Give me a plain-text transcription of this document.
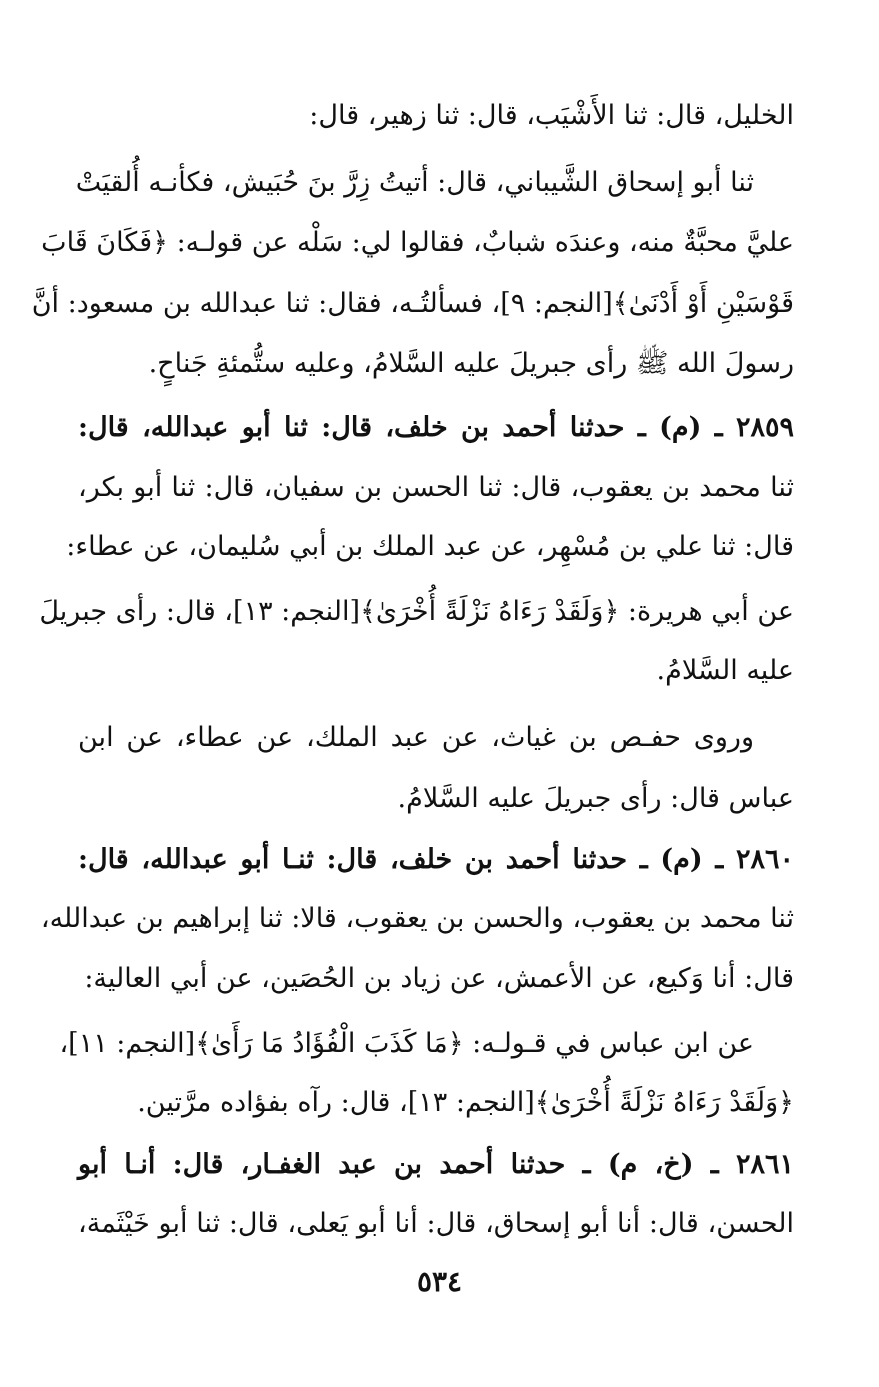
الخليل، قال: ثنا الأَشْيَب، قال: ثنا زهير، قال:
ثنا أبو إسحاق الشَّيباني، قال: أتيتُ زِرَّ بنَ حُبَيش، فكأنـه أُلقيَتْ
عليَّ محبَّةٌ منه، وعندَه شبابٌ، فقالوا لي: سَلْه عن قولـه: ﴿فَكَانَ قَابَ
قَوْسَيْنِ أَوْ أَدْنَىٰ﴾[النجم: ٩]، فسألتُـه، فقال: ثنا عبدالله بن مسعود: أنَّ
رسولَ الله ﷺ رأى جبريلَ عليه السَّلامُ، وعليه ستُّمئةِ جَناحٍ.
٢٨٥٩ ـ (م) ـ حدثنا أحمد بن خلف، قال: ثنا أبو عبدالله، قال:
ثنا محمد بن يعقوب، قال: ثنا الحسن بن سفيان، قال: ثنا أبو بكر،
قال: ثنا علي بن مُسْهِر، عن عبد الملك بن أبي سُليمان، عن عطاء:
عن أبي هريرة: ﴿وَلَقَدْ رَءَاهُ نَزْلَةً أُخْرَىٰ﴾[النجم: ١٣]، قال: رأى جبريلَ
عليه السَّلامُ.
وروى حفـص بن غياث، عن عبد الملك، عن عطاء، عن ابن
عباس قال: رأى جبريلَ عليه السَّلامُ.
٢٨٦٠ ـ (م) ـ حدثنا أحمد بن خلف، قال: ثنـا أبو عبدالله، قال:
ثنا محمد بن يعقوب، والحسن بن يعقوب، قالا: ثنا إبراهيم بن عبدالله،
قال: أنا وَكيع، عن الأعمش، عن زياد بن الحُصَين، عن أبي العالية:
عن ابن عباس في قـولـه: ﴿مَا كَذَبَ الْفُؤَادُ مَا رَأَىٰ﴾[النجم: ١١]،
﴿وَلَقَدْ رَءَاهُ نَزْلَةً أُخْرَىٰ﴾[النجم: ١٣]، قال: رآه بفؤاده مرَّتين.
٢٨٦١ ـ (خ، م) ـ حدثنا أحمد بن عبد الغفـار، قال: أنـا أبو
الحسن، قال: أنا أبو إسحاق، قال: أنا أبو يَعلى، قال: ثنا أبو خَيْثَمة،
٥٣٤
